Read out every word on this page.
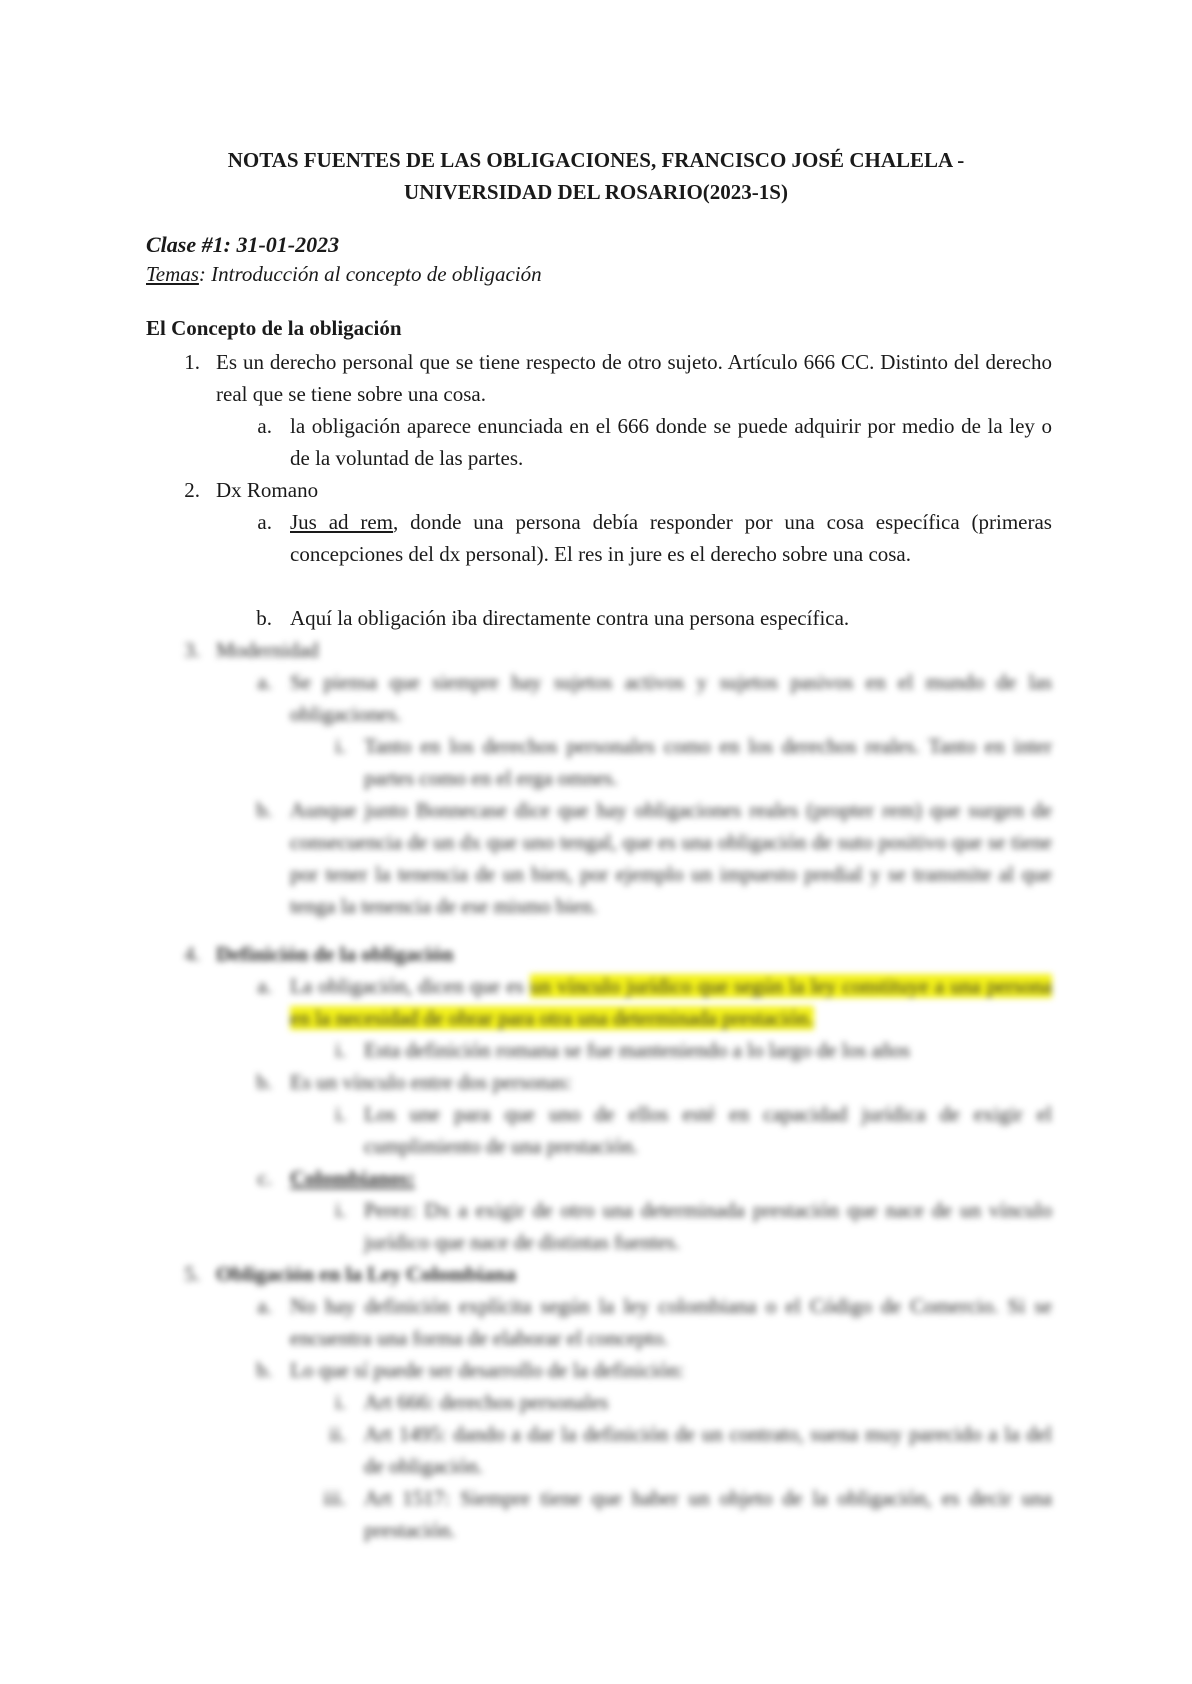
NOTAS FUENTES DE LAS OBLIGACIONES, FRANCISCO JOSÉ CHALELA -
UNIVERSIDAD DEL ROSARIO(2023-1S)
Clase #1: 31-01-2023
Temas: Introducción al concepto de obligación
El Concepto de la obligación
1. Es un derecho personal que se tiene respecto de otro sujeto. Artículo 666 CC. Distinto del derecho real que se tiene sobre una cosa.
a. la obligación aparece enunciada en el 666 donde se puede adquirir por medio de la ley o de la voluntad de las partes.
2. Dx Romano
a. Jus ad rem, donde una persona debía responder por una cosa específica (primeras concepciones del dx personal). El res in jure es el derecho sobre una cosa.
b. Aquí la obligación iba directamente contra una persona específica.
3. Modernidad
a. Se piensa que siempre hay sujetos activos y sujetos pasivos en el mundo de las obligaciones.
i. Tanto en los derechos personales como en los derechos reales. Tanto en inter partes como en el erga omnes.
b. Aunque junto Bonnecase dice que hay obligaciones reales (propter rem) que surgen de consecuencia de un dx que uno tengal, que es una obligación de suto positivo que se tiene por tener la tenencia de un bien, por ejemplo un impuesto predial y se transmite al que tenga la tenencia de ese mismo bien.
4. Definición de la obligación
a. La obligación, dicen que es un vínculo jurídico que según la ley constituye a una persona en la necesidad de obrar para otra una determinada prestación.
i. Esta definición romana se fue manteniendo a lo largo de los años
b. Es un vínculo entre dos personas:
i. Los une para que uno de ellos esté en capacidad jurídica de exigir el cumplimiento de una prestación.
c. Colombianos:
i. Perez: Dx a exigir de otro una determinada prestación que nace de un vínculo jurídico que nace de distintas fuentes.
5. Obligación en la Ley Colombiana
a. No hay definición explícita según la ley colombiana o el Código de Comercio. Si se encuentra una forma de elaborar el concepto.
b. Lo que sí puede ser desarrollo de la definición:
i. Art 666: derechos personales
ii. Art 1495: dando a dar la definición de un contrato, suena muy parecido a la del de obligación.
iii. Art 1517: Siempre tiene que haber un objeto de la obligación, es decir una prestación.
